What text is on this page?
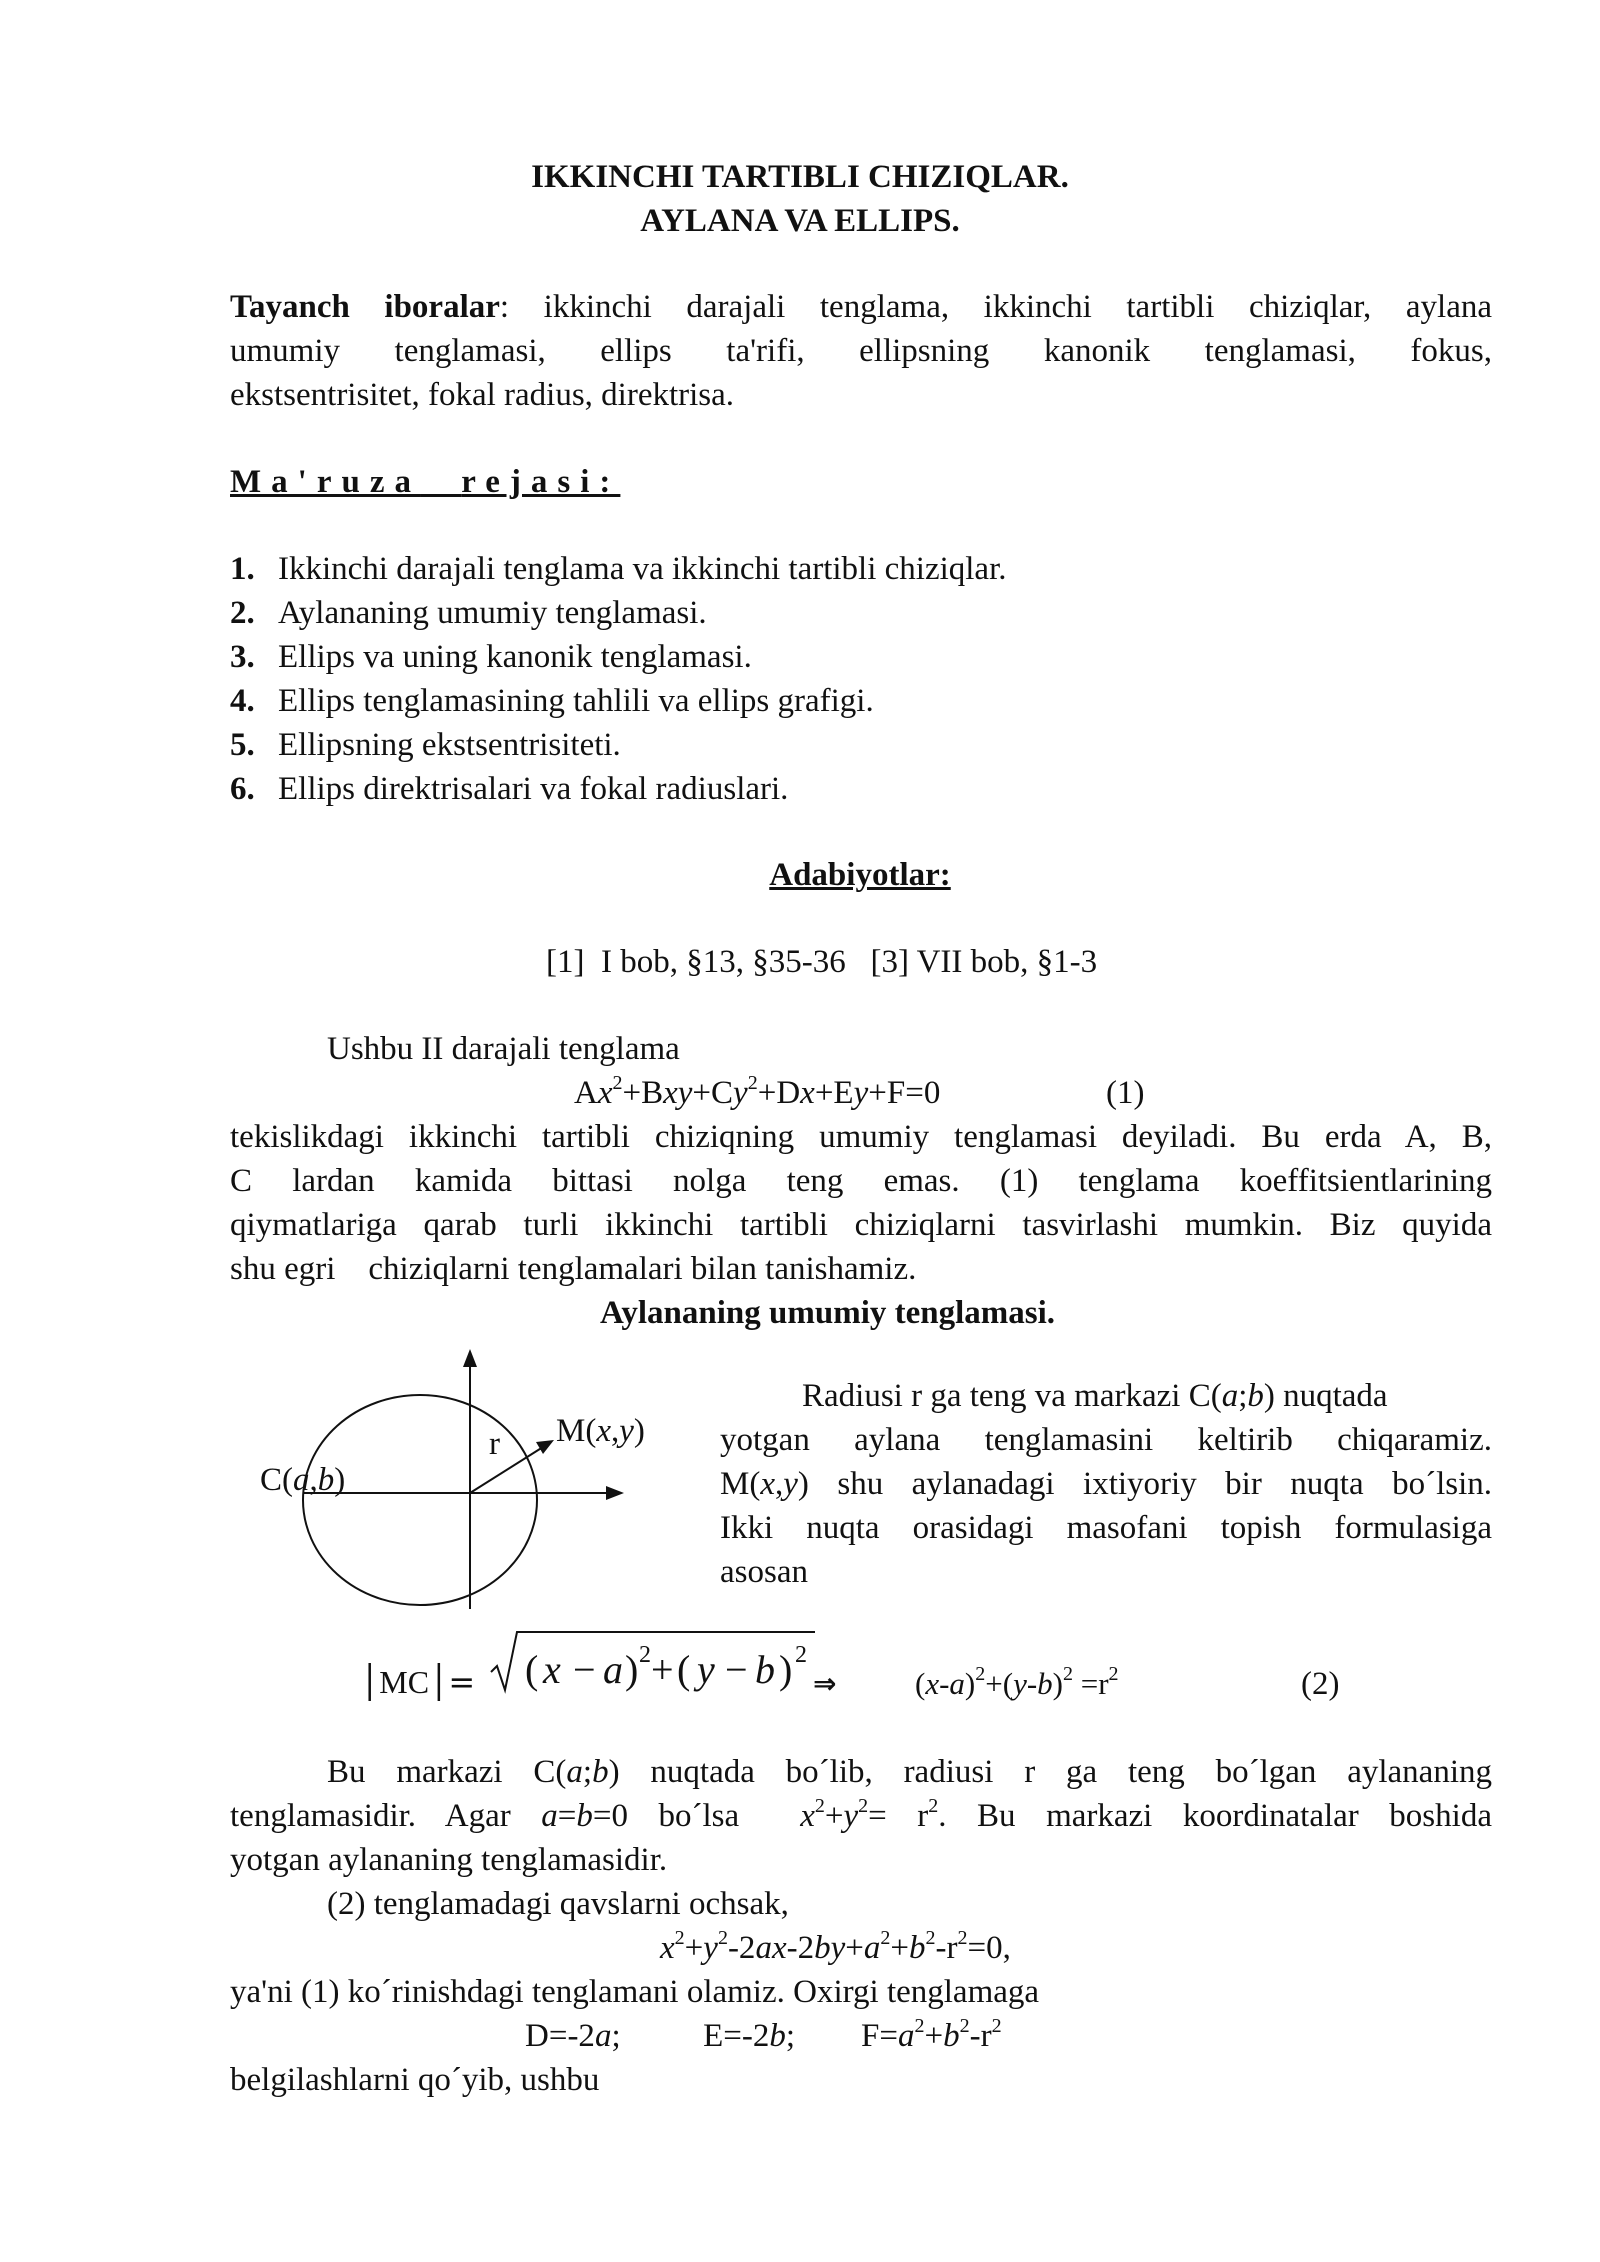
IKKINCHI TARTIBLI CHIZIQLAR.
AYLANA VA ELLIPS.
Tayanch iboralar: ikkinchi darajali tenglama, ikkinchi tartibli chiziqlar, aylana
umumiy tenglamasi, ellips ta'rifi, ellipsning kanonik tenglamasi, fokus,
ekstsentrisitet, fokal radius, direktrisa.
Ma'ruza rejasi:
1. Ikkinchi darajali tenglama va ikkinchi tartibli chiziqlar.
2. Aylananing umumiy tenglamasi.
3. Ellips va uning kanonik tenglamasi.
4. Ellips tenglamasining tahlili va ellips grafigi.
5. Ellipsning ekstsentrisiteti.
6. Ellips direktrisalari va fokal radiuslari.
Adabiyotlar:
[1]  I bob, §13, §35-36   [3] VII bob, §1-3
Ushbu II darajali tenglama
$Ax^2+Bxy+Cy^2+Dx+Ey+F=0$	(1)
tekislikdagi ikkinchi tartibli chiziqning umumiy tenglamasi deyiladi. Bu erda A, B,
C lardan kamida bittasi nolga teng emas. (1) tenglama koeffitsientlarining
qiymatlariga qarab turli ikkinchi tartibli chiziqlarni tasvirlashi mumkin. Biz quyida
shu egri    chiziqlarni tenglamalari bilan tanishamiz.
Aylananing umumiy tenglamasi.
C(a,b)
r M(x,y)
Radiusi r ga teng va markazi C(a;b) nuqtada
yotgan aylana tenglamasini keltirib chiqaramiz.
M(x,y) shu aylanadagi ixtiyoriy bir nuqta bo´lsin.
Ikki nuqta orasidagi masofani topish formulasiga
asosan
│MC│= ( x − a ) 2 + ( y − b ) 2
⇒	$(x-a)^2+(y-b)^2 =r^2$	(2)
Bu markazi C(a;b) nuqtada bo´lib, radiusi r ga teng bo´lgan aylananing
tenglamasidir. Agar a=b=0 bo´lsa  $x^2+y^2= r^2$. Bu markazi koordinatalar boshida
yotgan aylananing tenglamasidir.
(2) tenglamadagi qavslarni ochsak,
$x^2+y^2-2ax-2by+a^2+b^2-r^2=0$,
ya'ni (1) ko´rinishdagi tenglamani olamiz. Oxirgi tenglamaga
D=-2a;          E=-2b;        $F=a^2+b^2-r^2$
belgilashlarni qo´yib, ushbu
